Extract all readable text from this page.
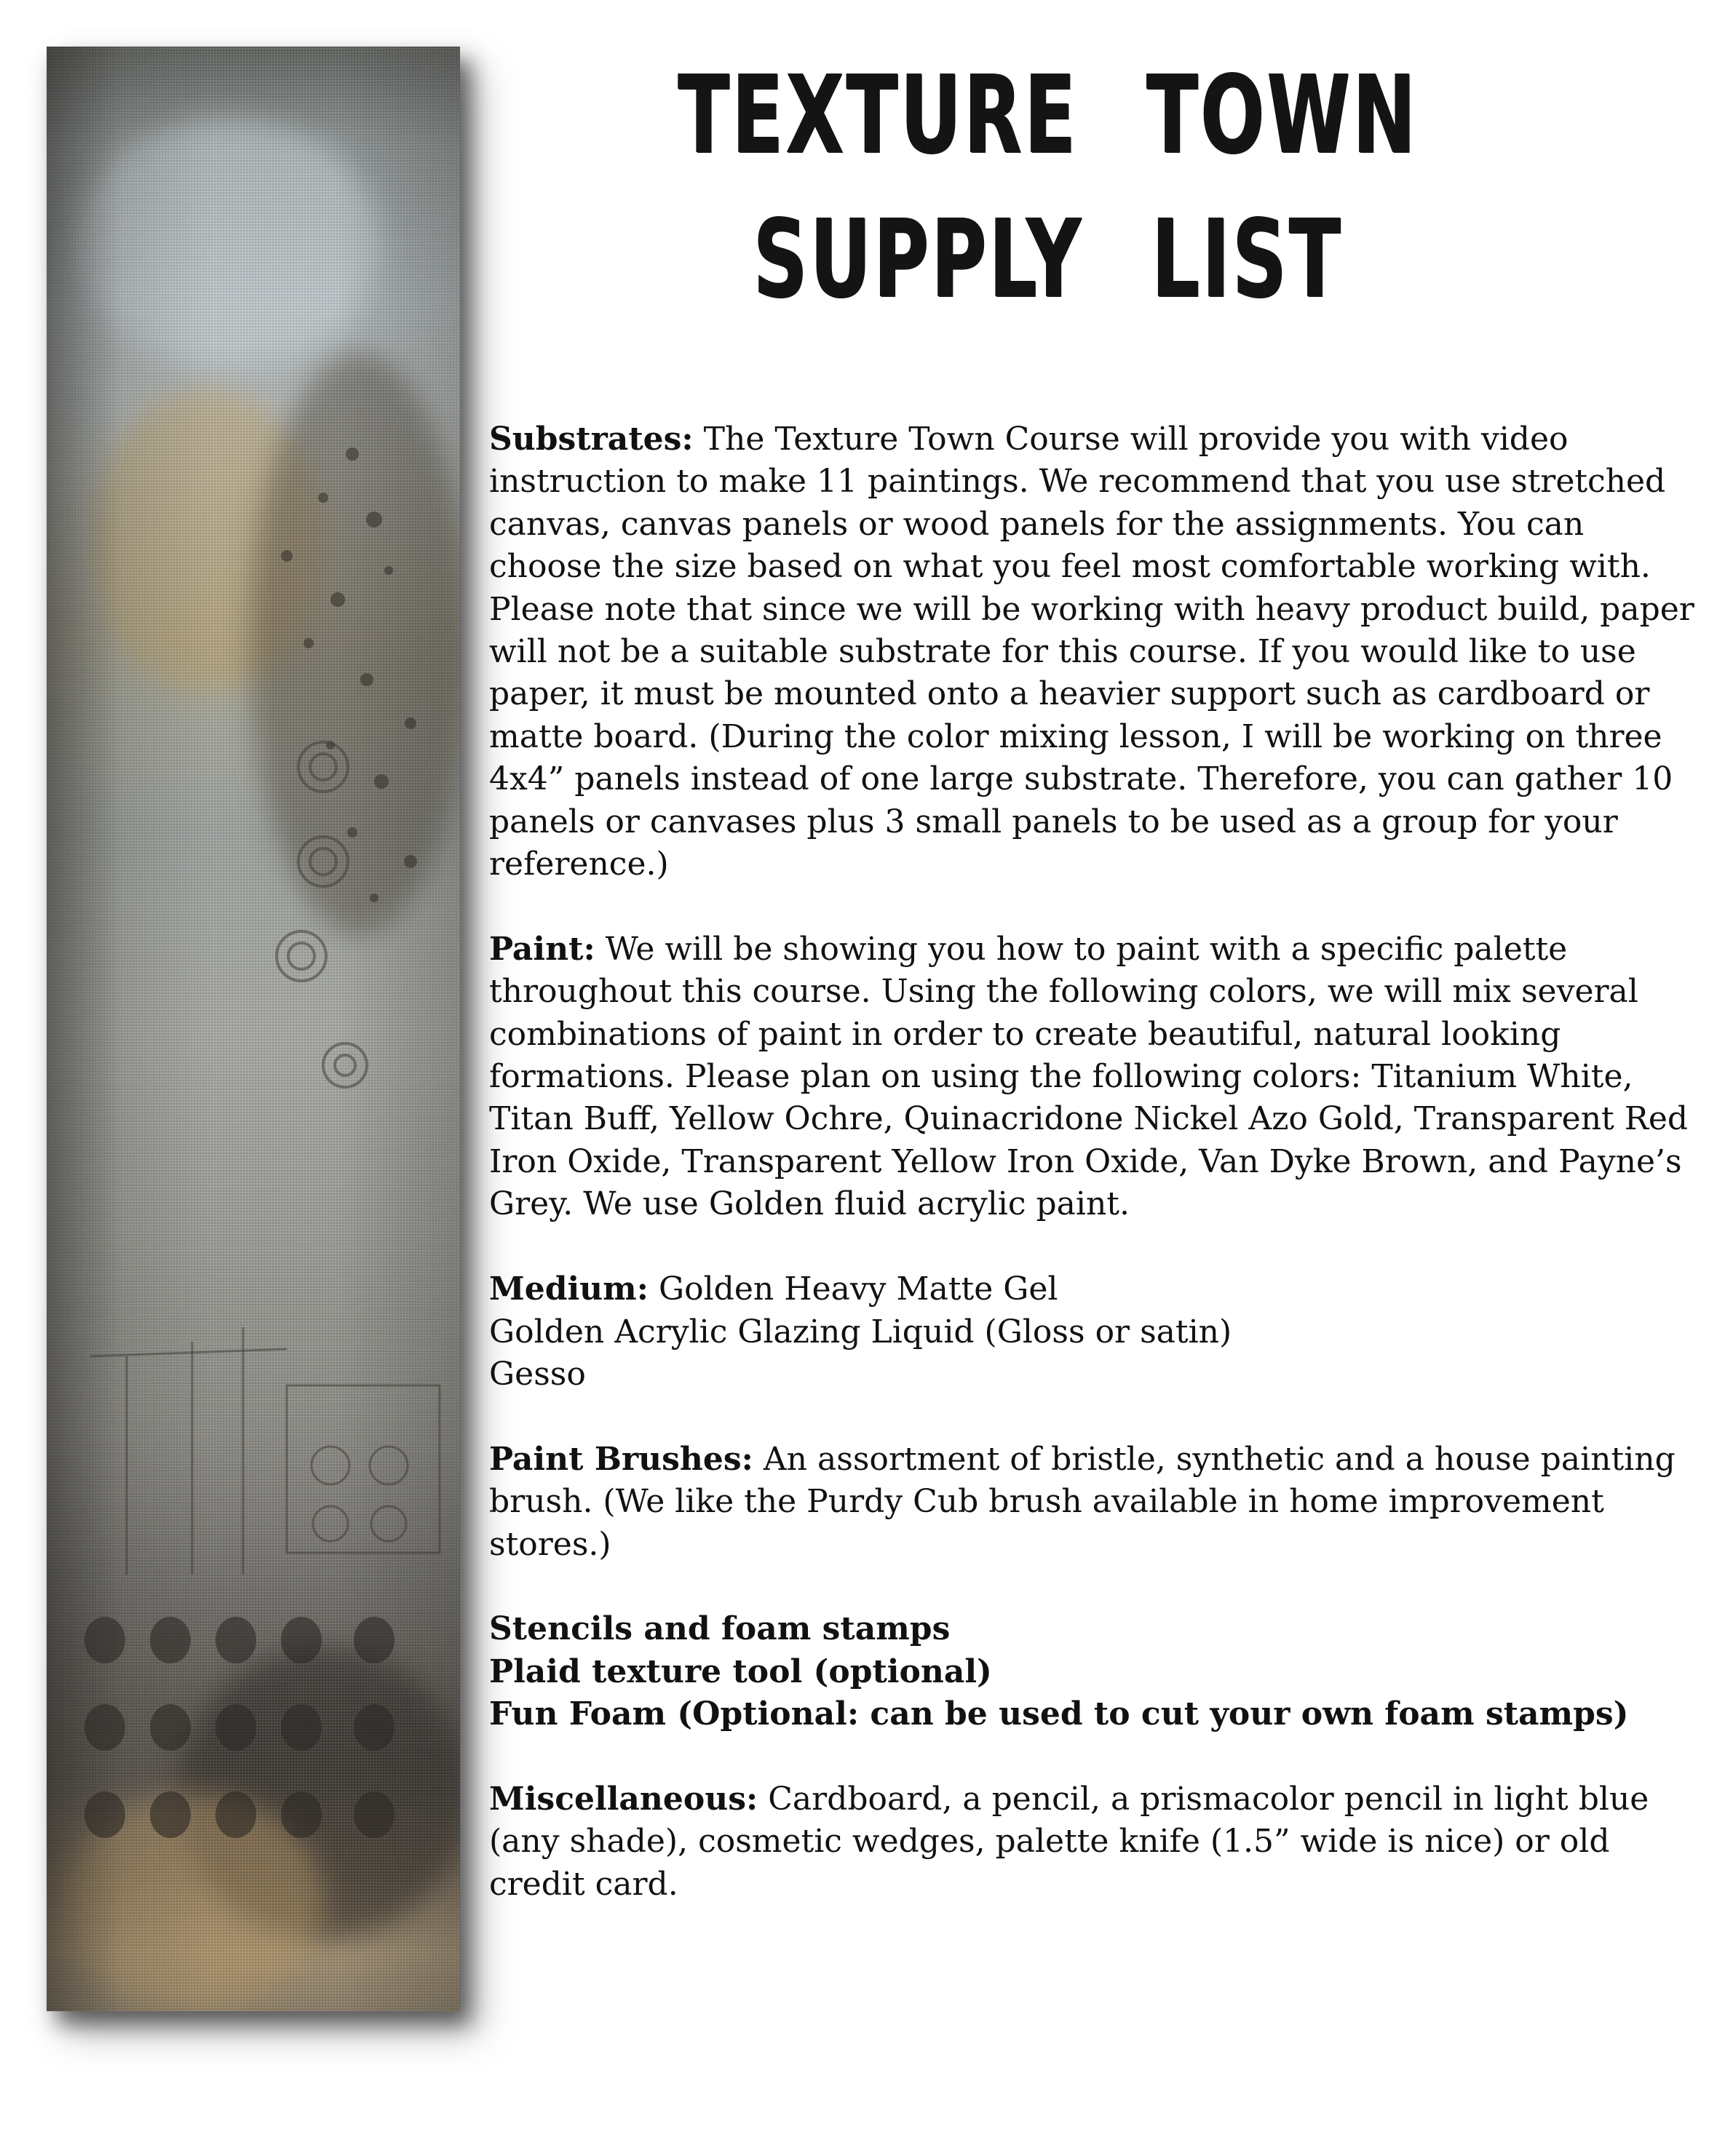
TEXTURE TOWN
SUPPLY LIST

Substrates: The Texture Town Course will provide you with video instruction to make 11 paintings. We recommend that you use stretched canvas, canvas panels or wood panels for the assignments. You can choose the size based on what you feel most comfortable working with. Please note that since we will be working with heavy product build, paper will not be a suitable substrate for this course. If you would like to use paper, it must be mounted onto a heavier support such as cardboard or matte board. (During the color mixing lesson, I will be working on three 4x4” panels instead of one large substrate. Therefore, you can gather 10 panels or canvases plus 3 small panels to be used as a group for your reference.)

Paint: We will be showing you how to paint with a specific palette throughout this course. Using the following colors, we will mix several combinations of paint in order to create beautiful, natural looking formations. Please plan on using the following colors: Titanium White, Titan Buff, Yellow Ochre, Quinacridone Nickel Azo Gold, Transparent Red Iron Oxide, Transparent Yellow Iron Oxide, Van Dyke Brown, and Payne’s Grey. We use Golden fluid acrylic paint.

Medium: Golden Heavy Matte Gel
Golden Acrylic Glazing Liquid (Gloss or satin)
Gesso

Paint Brushes: An assortment of bristle, synthetic and a house painting brush. (We like the Purdy Cub brush available in home improvement stores.)

Stencils and foam stamps
Plaid texture tool (optional)
Fun Foam (Optional: can be used to cut your own foam stamps)

Miscellaneous: Cardboard, a pencil, a prismacolor pencil in light blue (any shade), cosmetic wedges, palette knife (1.5” wide is nice) or old credit card.
